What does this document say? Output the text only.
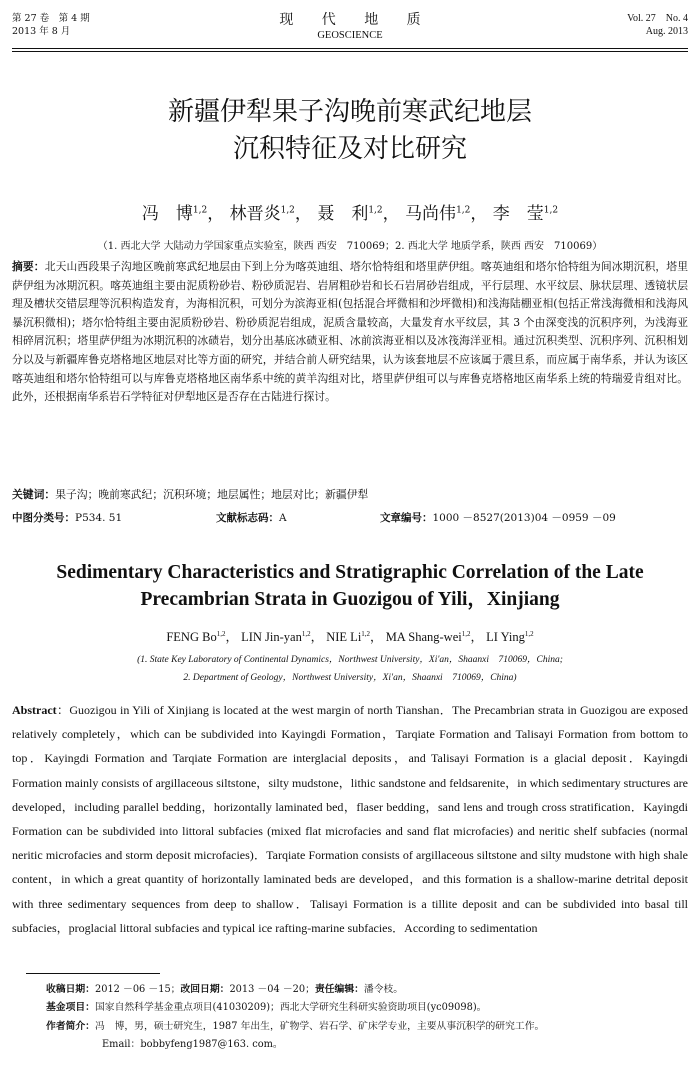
第 27 卷　第 4 期
2013 年 8 月
现 代 地 质
GEOSCIENCE
Vol. 27　No. 4
Aug. 2013
新疆伊犁果子沟晚前寒武纪地层
沉积特征及对比研究
冯　博$^{1,2}$， 林晋炎$^{1,2}$， 聂　利$^{1,2}$， 马尚伟$^{1,2}$， 李　莹$^{1,2}$
（1. 西北大学 大陆动力学国家重点实验室，陕西 西安　710069；2. 西北大学 地质学系，陕西 西安　710069）
摘要：北天山西段果子沟地区晚前寒武纪地层由下到上分为喀英迪组、塔尔恰特组和塔里萨伊组。喀英迪组和塔尔恰特组为间冰期沉积，塔里萨伊组为冰期沉积。喀英迪组主要由泥质粉砂岩、粉砂质泥岩、岩屑粗砂岩和长石岩屑砂岩组成，平行层理、水平纹层、脉状层理、透镜状层理及槽状交错层理等沉积构造发育，为海相沉积，可划分为滨海亚相(包括混合坪微相和沙坪微相)和浅海陆棚亚相(包括正常浅海微相和浅海风暴沉积微相)；塔尔恰特组主要由泥质粉砂岩、粉砂质泥岩组成，泥质含量较高，大量发育水平纹层，其 3 个由深变浅的沉积序列，为浅海亚相碎屑沉积；塔里萨伊组为冰期沉积的冰碛岩，划分出基底冰碛亚相、冰前滨海亚相以及冰筏海洋亚相。通过沉积类型、沉积序列、沉积相划分以及与新疆库鲁克塔格地区地层对比等方面的研究，并结合前人研究结果，认为该套地层不应该属于震旦系，而应属于南华系，并认为该区喀英迪组和塔尔恰特组可以与库鲁克塔格地区南华系中统的黄羊沟组对比，塔里萨伊组可以与库鲁克塔格地区南华系上统的特瑞爱肯组对比。此外，还根据南华系岩石学特征对伊犁地区是否存在古陆进行探讨。
关键词：果子沟；晚前寒武纪；沉积环境；地层属性；地层对比；新疆伊犁
中图分类号：P534. 51	文献标志码：A	文章编号：1000 －8527(2013)04 －0959 －09
Sedimentary Characteristics and Stratigraphic Correlation of the Late
Precambrian Strata in Guozigou of Yili，Xinjiang
FENG Bo$^{1,2}$， LIN Jin-yan$^{1,2}$， NIE Li$^{1,2}$， MA Shang-wei$^{1,2}$， LI Ying$^{1,2}$
(1. State Key Laboratory of Continental Dynamics，Northwest University，Xi'an，Shaanxi　710069，China;
2. Department of Geology，Northwest University，Xi'an，Shaanxi　710069，China)
Abstract：Guozigou in Yili of Xinjiang is located at the west margin of north Tianshan．The Precambrian strata in Guozigou are exposed relatively completely，which can be subdivided into Kayingdi Formation，Tarqiate Formation and Talisayi Formation from bottom to top．Kayingdi Formation and Tarqiate Formation are interglacial deposits，and Talisayi Formation is a glacial deposit．Kayingdi Formation mainly consists of argillaceous siltstone，silty mudstone，lithic sandstone and feldsarenite，in which sedimentary structures are developed，including parallel bedding，horizontally laminated bed，flaser bedding，sand lens and trough cross stratification．Kayingdi Formation can be subdivided into littoral subfacies (mixed flat microfacies and sand flat microfacies) and neritic shelf subfacies (normal neritic microfacies and storm deposit microfacies)．Tarqiate Formation consists of argillaceous siltstone and silty mudstone with high shale content，in which a great quantity of horizontally laminated beds are developed，and this formation is a shallow-marine detrital deposit with three sedimentary sequences from deep to shallow．Talisayi Formation is a tillite deposit and can be subdivided into basal till subfacies，proglacial littoral subfacies and typical ice rafting-marine subfacies．According to sedimentation
收稿日期：2012 －06 －15；改回日期：2013 －04 －20；责任编辑：潘令枝。
基金项目：国家自然科学基金重点项目(41030209)；西北大学研究生科研实验资助项目(yc09098)。
作者简介：冯　博，男，硕士研究生，1987 年出生，矿物学、岩石学、矿床学专业，主要从事沉积学的研究工作。
Email：bobbyfeng1987@163. com。
